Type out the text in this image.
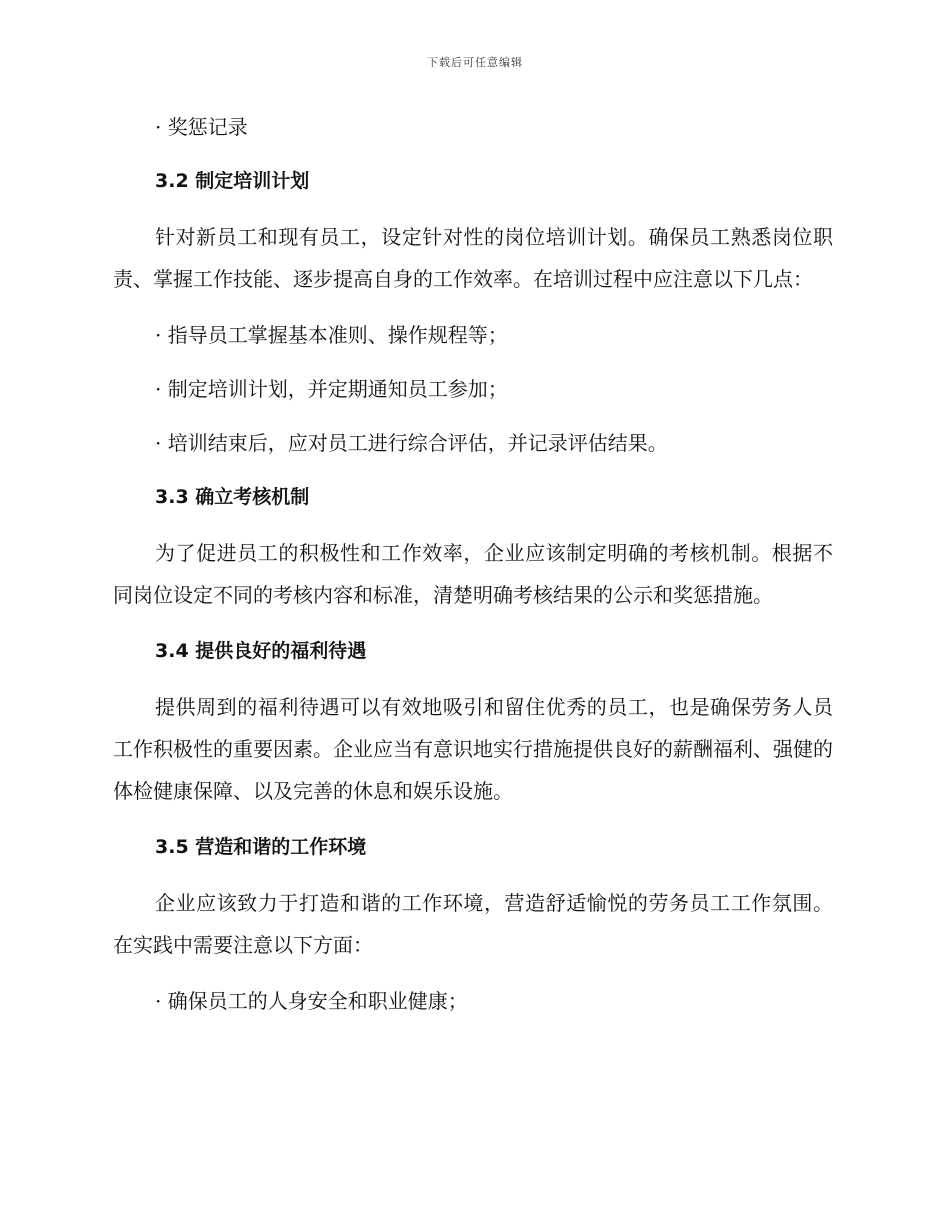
下载后可任意编辑

· 奖惩记录

3.2 制定培训计划

针对新员工和现有员工，设定针对性的岗位培训计划。确保员工熟悉岗位职责、掌握工作技能、逐步提高自身的工作效率。在培训过程中应注意以下几点：

· 指导员工掌握基本准则、操作规程等；

· 制定培训计划，并定期通知员工参加；

· 培训结束后，应对员工进行综合评估，并记录评估结果。

3.3 确立考核机制

为了促进员工的积极性和工作效率，企业应该制定明确的考核机制。根据不同岗位设定不同的考核内容和标准，清楚明确考核结果的公示和奖惩措施。

3.4 提供良好的福利待遇

提供周到的福利待遇可以有效地吸引和留住优秀的员工，也是确保劳务人员工作积极性的重要因素。企业应当有意识地实行措施提供良好的薪酬福利、强健的体检健康保障、以及完善的休息和娱乐设施。

3.5 营造和谐的工作环境

企业应该致力于打造和谐的工作环境，营造舒适愉悦的劳务员工工作氛围。在实践中需要注意以下方面：

· 确保员工的人身安全和职业健康；
